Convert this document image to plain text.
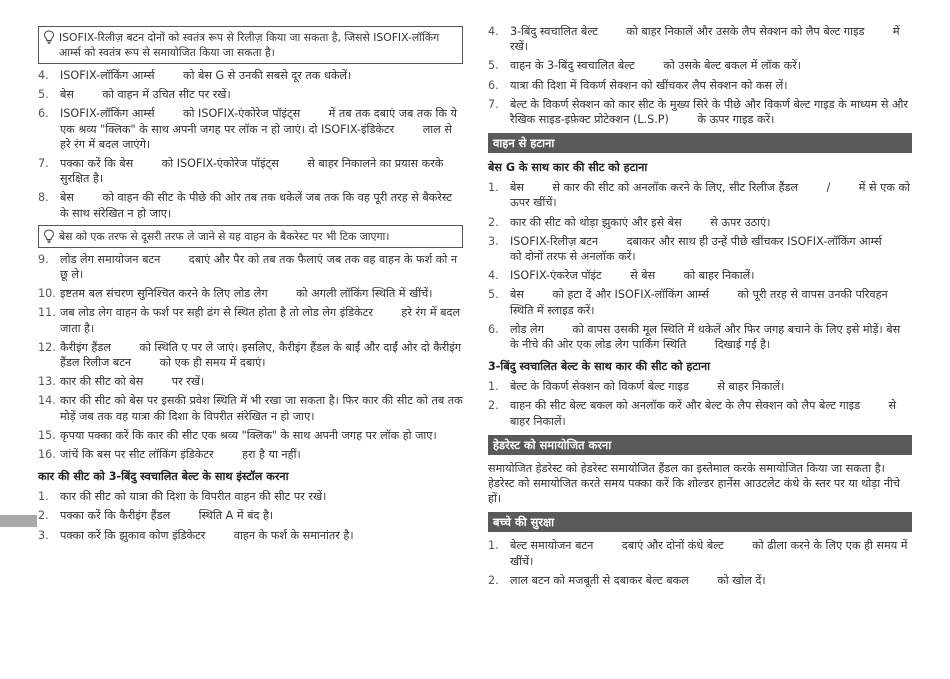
ISOFIX-रिलीज़ बटन दोनों को स्वतंत्र रूप से रिलीज़ किया जा सकता है, जिससे ISOFIX-लॉकिंग आर्म्स को स्वतंत्र रूप से समायोजित किया जा सकता है।
4.	ISOFIX-लॉकिंग आर्म्स        को बेस G से उनकी सबसे दूर तक धकेलें।
5.	बेस        को वाहन में उचित सीट पर रखें।
6.	ISOFIX-लॉकिंग आर्म्स        को ISOFIX-एंकोरेज पॉइंट्स        में तब तक दबाएं जब तक कि ये एक श्रव्य "क्लिक" के साथ अपनी जगह पर लॉक न हो जाएं। दो ISOFIX-इंडिकेटर        लाल से हरे रंग में बदल जाएंगे।
7.	पक्का करें कि बेस        को ISOFIX-एंकोरेज पॉइंट्स        से बाहर निकालने का प्रयास करके सुरक्षित है।
8.	बेस        को वाहन की सीट के पीछे की ओर तब तक धकेलें जब तक कि वह पूरी तरह से बैकरेस्ट के साथ संरेखित न हो जाए।
बेस को एक तरफ से दूसरी तरफ ले जाने से यह वाहन के बैकरेस्ट पर भी टिक जाएगा।
9.	लोड लेग समायोजन बटन        दबाएं और पैर को तब तक फैलाएं जब तक वह वाहन के फर्श को न छू ले।
10. इष्टतम बल संचरण सुनिश्चित करने के लिए लोड लेग        को अगली लॉकिंग स्थिति में खींचें।
11. जब लोड लेग वाहन के फर्श पर सही ढंग से स्थित होता है तो लोड लेग इंडिकेटर        हरे रंग में बदल जाता है।
12. कैरीइंग हैंडल        को स्थिति ए पर ले जाएं। इसलिए, कैरीइंग हैंडल के बाईं और दाईं ओर दो कैरीइंग हैंडल रिलीज बटन        को एक ही समय में दबाएं।
13. कार की सीट को बेस        पर रखें।
14. कार की सीट को बेस पर इसकी प्रवेश स्थिति में भी रखा जा सकता है। फिर कार की सीट को तब तक मोड़ें जब तक वह यात्रा की दिशा के विपरीत संरेखित न हो जाए।
15. कृपया पक्का करें कि कार की सीट एक श्रव्य "क्लिक" के साथ अपनी जगह पर लॉक हो जाए।
16. जांचें कि बस पर सीट लॉकिंग इंडिकेटर        हरा है या नहीं।
कार की सीट को 3-बिंदु स्वचालित बेल्ट के साथ इंस्टॉल करना
1.	कार की सीट को यात्रा की दिशा के विपरीत वाहन की सीट पर रखें।
2.	पक्का करें कि कैरीइंग हैंडल        स्थिति A में बंद है।
3.	पक्का करें कि झुकाव कोण इंडिकेटर        वाहन के फर्श के समानांतर है।
4.	3-बिंदु स्वचालित बेल्ट        को बाहर निकालें और उसके लैप सेक्शन को लैप बेल्ट गाइड        में रखें।
5.	वाहन के 3-बिंदु स्वचालित बेल्ट        को उसके बेल्ट बकल में लॉक करें।
6.	यात्रा की दिशा में विकर्ण सेक्शन को खींचकर लैप सेक्शन को कस लें।
7.	बेल्ट के विकर्ण सेक्शन को कार सीट के मुख्य सिरे के पीछे और विकर्ण बेल्ट गाइड के माध्यम से और रैखिक साइड-इफ़ेक्ट प्रोटेक्शन (L.S.P)        के ऊपर गाइड करें।
वाहन से हटाना
बेस G के साथ कार की सीट को हटाना
1.	बेस        से कार की सीट को अनलॉक करने के लिए, सीट रिलीज हैंडल        /        में से एक को ऊपर खींचें।
2.	कार की सीट को थोड़ा झुकाएं और इसे बेस        से ऊपर उठाएं।
3.	ISOFIX-रिलीज़ बटन        दबाकर और साथ ही उन्हें पीछे खींचकर ISOFIX-लॉकिंग आर्म्स        को दोनों तरफ से अनलॉक करें।
4.	ISOFIX-एंकरेज पॉइंट        से बेस        को बाहर निकालें।
5.	बेस        को हटा दें और ISOFIX-लॉकिंग आर्म्स        को पूरी तरह से वापस उनकी परिवहन स्थिति में स्लाइड करें।
6.	लोड लेग        को वापस उसकी मूल स्थिति में धकेलें और फिर जगह बचाने के लिए इसे मोड़ें। बेस के नीचे की ओर एक लोड लेग पार्किंग स्थिति        दिखाई गई है।
3-बिंदु स्वचालित बेल्ट के साथ कार की सीट को हटाना
1.	बेल्ट के विकर्ण सेक्शन को विकर्ण बेल्ट गाइड        से बाहर निकालें।
2.	वाहन की सीट बेल्ट बकल को अनलॉक करें और बेल्ट के लैप सेक्शन को लैप बेल्ट गाइड        से बाहर निकालें।
हेडरेस्ट को समायोजित करना
समायोजित हेडरेस्ट को हेडरेस्ट समायोजित हैंडल का इस्तेमाल करके समायोजित किया जा सकता है। हेडरेस्ट को समायोजित करते समय पक्का करें कि शोल्डर हार्नेस आउटलेट कंधे के स्तर पर या थोड़ा नीचे हों।
बच्चे की सुरक्षा
1.	बेल्ट समायोजन बटन        दबाएं और दोनों कंधे बेल्ट        को ढीला करने के लिए एक ही समय में खींचें।
2.	लाल बटन को मजबूती से दबाकर बेल्ट बकल        को खोल दें।
